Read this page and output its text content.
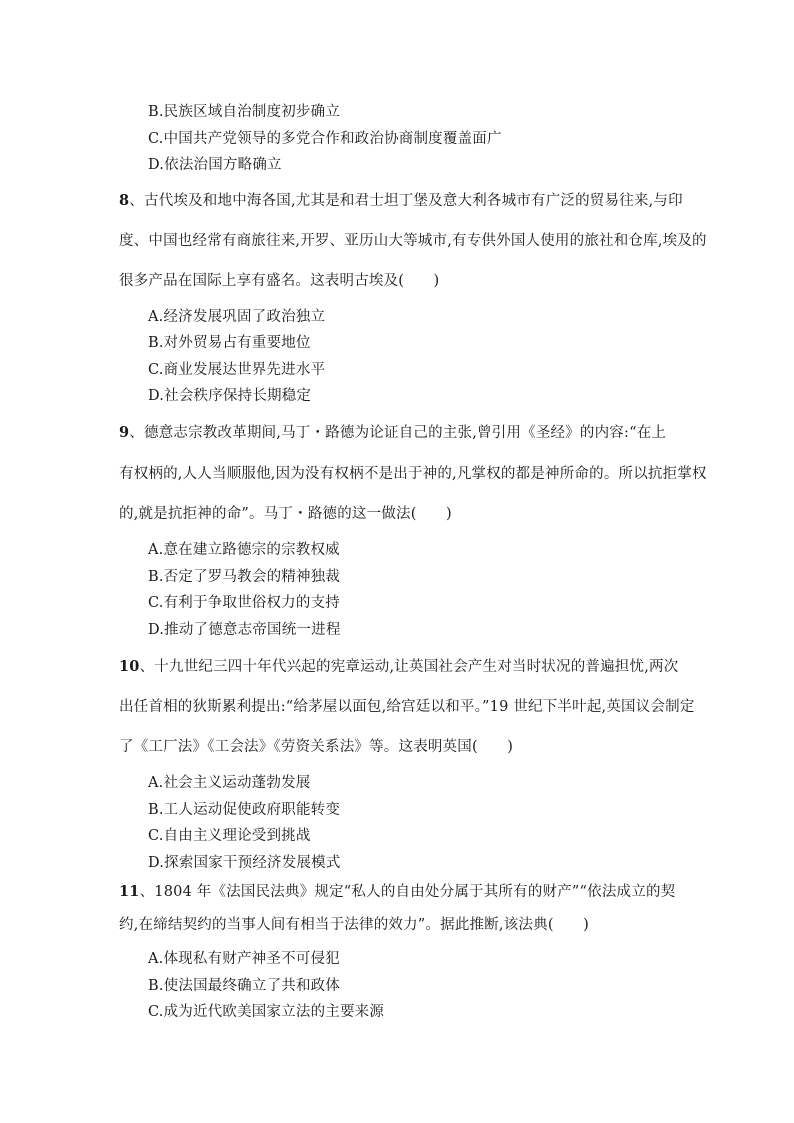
B.民族区域自治制度初步确立
C.中国共产党领导的多党合作和政治协商制度覆盖面广
D.依法治国方略确立
8、古代埃及和地中海各国,尤其是和君士坦丁堡及意大利各城市有广泛的贸易往来,与印
度、中国也经常有商旅往来,开罗、亚历山大等城市,有专供外国人使用的旅社和仓库,埃及的
很多产品在国际上享有盛名。这表明古埃及(　　)
A.经济发展巩固了政治独立
B.对外贸易占有重要地位
C.商业发展达世界先进水平
D.社会秩序保持长期稳定
9、德意志宗教改革期间,马丁・路德为论证自己的主张,曾引用《圣经》的内容:“在上
有权柄的,人人当顺服他,因为没有权柄不是出于神的,凡掌权的都是神所命的。所以抗拒掌权
的,就是抗拒神的命”。马丁・路德的这一做法(　　)
A.意在建立路德宗的宗教权威
B.否定了罗马教会的精神独裁
C.有利于争取世俗权力的支持
D.推动了德意志帝国统一进程
10、十九世纪三四十年代兴起的宪章运动,让英国社会产生对当时状况的普遍担忧,两次
出任首相的狄斯累利提出:“给茅屋以面包,给宫廷以和平。”19 世纪下半叶起,英国议会制定
了《工厂法》《工会法》《劳资关系法》等。这表明英国(　　)
A.社会主义运动蓬勃发展
B.工人运动促使政府职能转变
C.自由主义理论受到挑战
D.探索国家干预经济发展模式
11、1804 年《法国民法典》规定“私人的自由处分属于其所有的财产”“依法成立的契
约,在缔结契约的当事人间有相当于法律的效力”。据此推断,该法典(　　)
A.体现私有财产神圣不可侵犯
B.使法国最终确立了共和政体
C.成为近代欧美国家立法的主要来源
